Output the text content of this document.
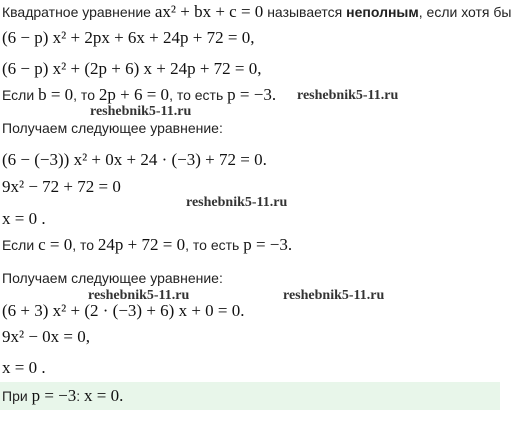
Квадратное уравнение ax² + bx + c = 0 называется неполным, если хотя бы
(6 − p) x² + 2px + 6x + 24p + 72 = 0,
(6 − p) x² + (2p + 6) x + 24p + 72 = 0,
Если b = 0, то 2p + 6 = 0, то есть p = −3. reshebnik5-11.ru
reshebnik5-11.ru
Получаем следующее уравнение:
(6 − (−3)) x² + 0x + 24 · (−3) + 72 = 0.
9x² − 72 + 72 = 0
reshebnik5-11.ru
x = 0 .
Если c = 0, то 24p + 72 = 0, то есть p = −3.
Получаем следующее уравнение:
reshebnik5-11.ru	reshebnik5-11.ru
(6 + 3) x² + (2 · (−3) + 6) x + 0 = 0.
9x² − 0x = 0,
x = 0 .
При p = −3: x = 0.
